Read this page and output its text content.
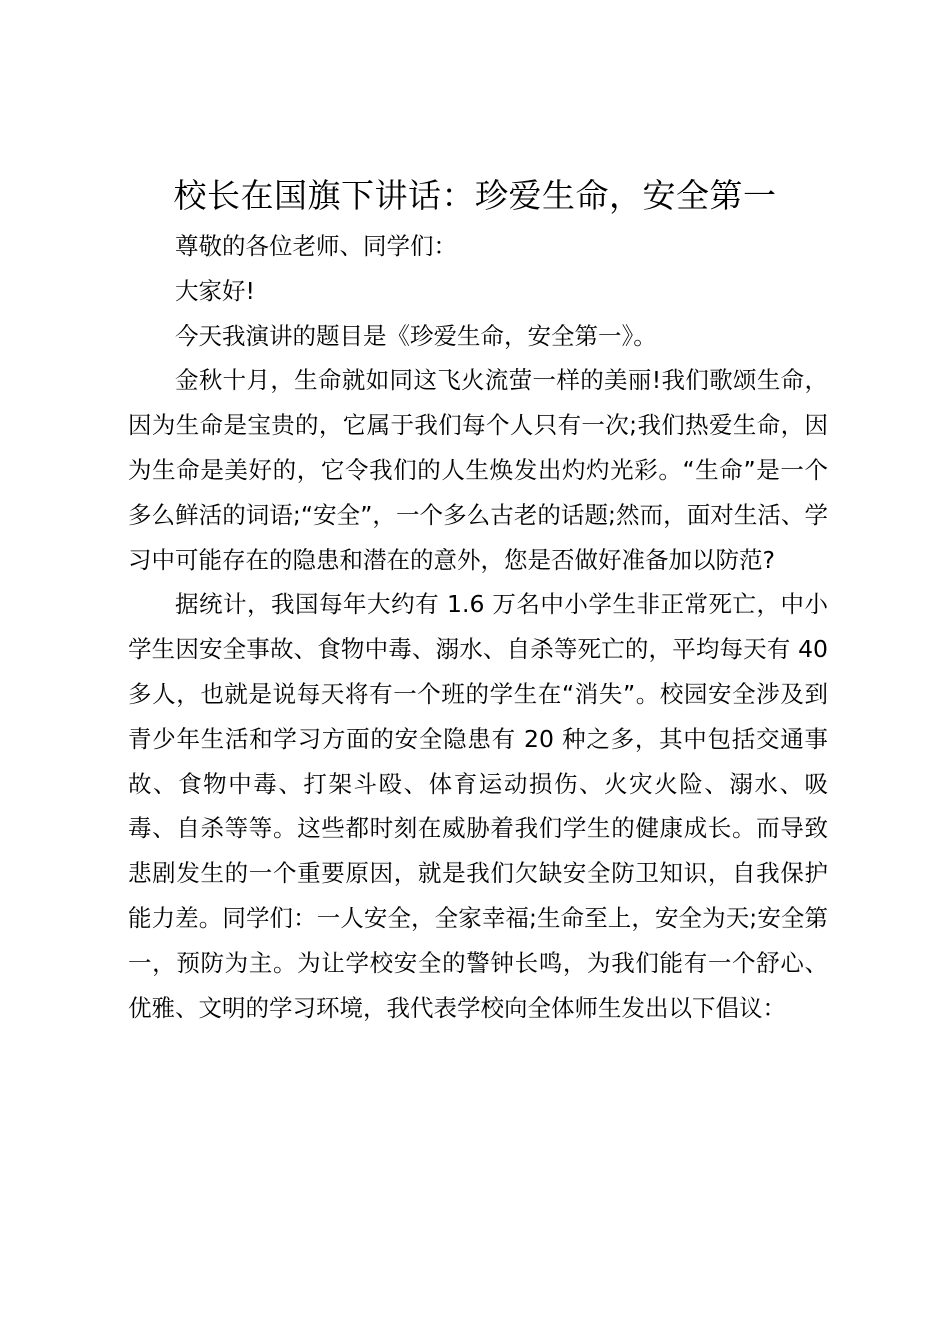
校长在国旗下讲话：珍爱生命，安全第一

尊敬的各位老师、同学们：

大家好!

今天我演讲的题目是《珍爱生命，安全第一》。

金秋十月，生命就如同这飞火流萤一样的美丽!我们歌颂生命，因为生命是宝贵的，它属于我们每个人只有一次;我们热爱生命，因为生命是美好的，它令我们的人生焕发出灼灼光彩。“生命”是一个多么鲜活的词语;“安全”，一个多么古老的话题;然而，面对生活、学习中可能存在的隐患和潜在的意外，您是否做好准备加以防范?

据统计，我国每年大约有 1.6 万名中小学生非正常死亡，中小学生因安全事故、食物中毒、溺水、自杀等死亡的，平均每天有 40 多人，也就是说每天将有一个班的学生在“消失”。校园安全涉及到青少年生活和学习方面的安全隐患有 20 种之多，其中包括交通事故、食物中毒、打架斗殴、体育运动损伤、火灾火险、溺水、吸毒、自杀等等。这些都时刻在威胁着我们学生的健康成长。而导致悲剧发生的一个重要原因，就是我们欠缺安全防卫知识，自我保护能力差。同学们：一人安全，全家幸福;生命至上，安全为天;安全第一，预防为主。为让学校安全的警钟长鸣，为我们能有一个舒心、优雅、文明的学习环境，我代表学校向全体师生发出以下倡议：
